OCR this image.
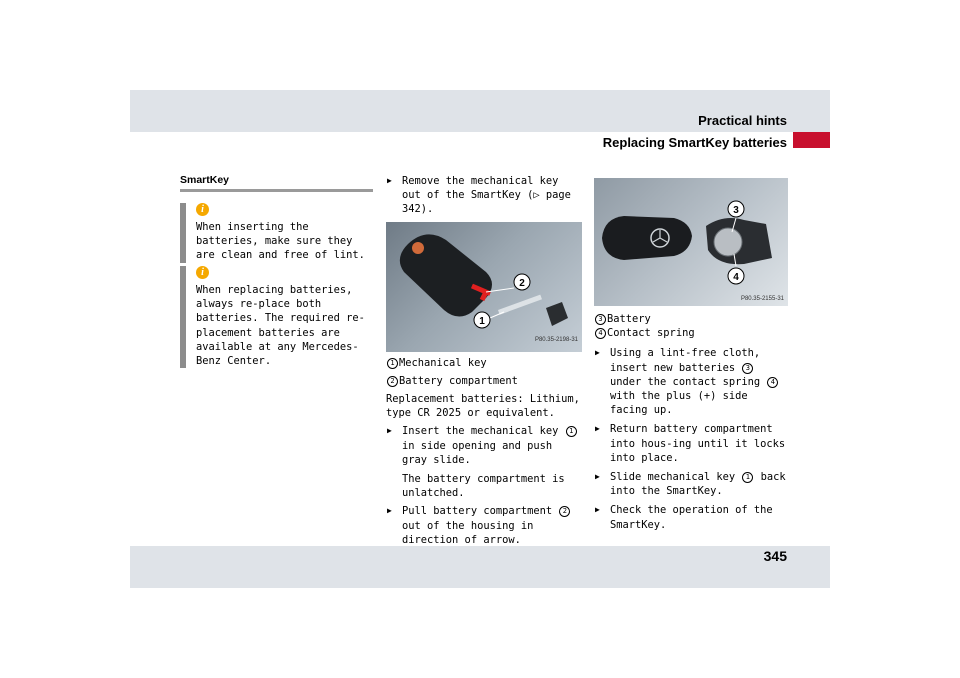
Practical hints
Replacing SmartKey batteries
SmartKey
i
When inserting the batteries, make sure they are clean and free of lint.
i
When replacing batteries, always re-place both batteries. The required re-placement batteries are available at any Mercedes-Benz Center.
▶ Remove the mechanical key out of the SmartKey (▷ page 342).
1
2
P80.35-2198-31
1 Mechanical key
2 Battery compartment
Replacement batteries: Lithium, type CR 2025 or equivalent.
▶ Insert the mechanical key 1 in side opening and push gray slide.
The battery compartment is unlatched.
▶ Pull battery compartment 2 out of the housing in direction of arrow.
▶
3
4
P80.35-2155-31
3 Battery
4 Contact spring
▶ Using a lint-free cloth, insert new batteries 3 under the contact spring 4 with the plus (+) side facing up.
▶ Return battery compartment into hous-ing until it locks into place.
▶ Slide mechanical key 1 back into the SmartKey.
▶ Check the operation of the SmartKey.
345
